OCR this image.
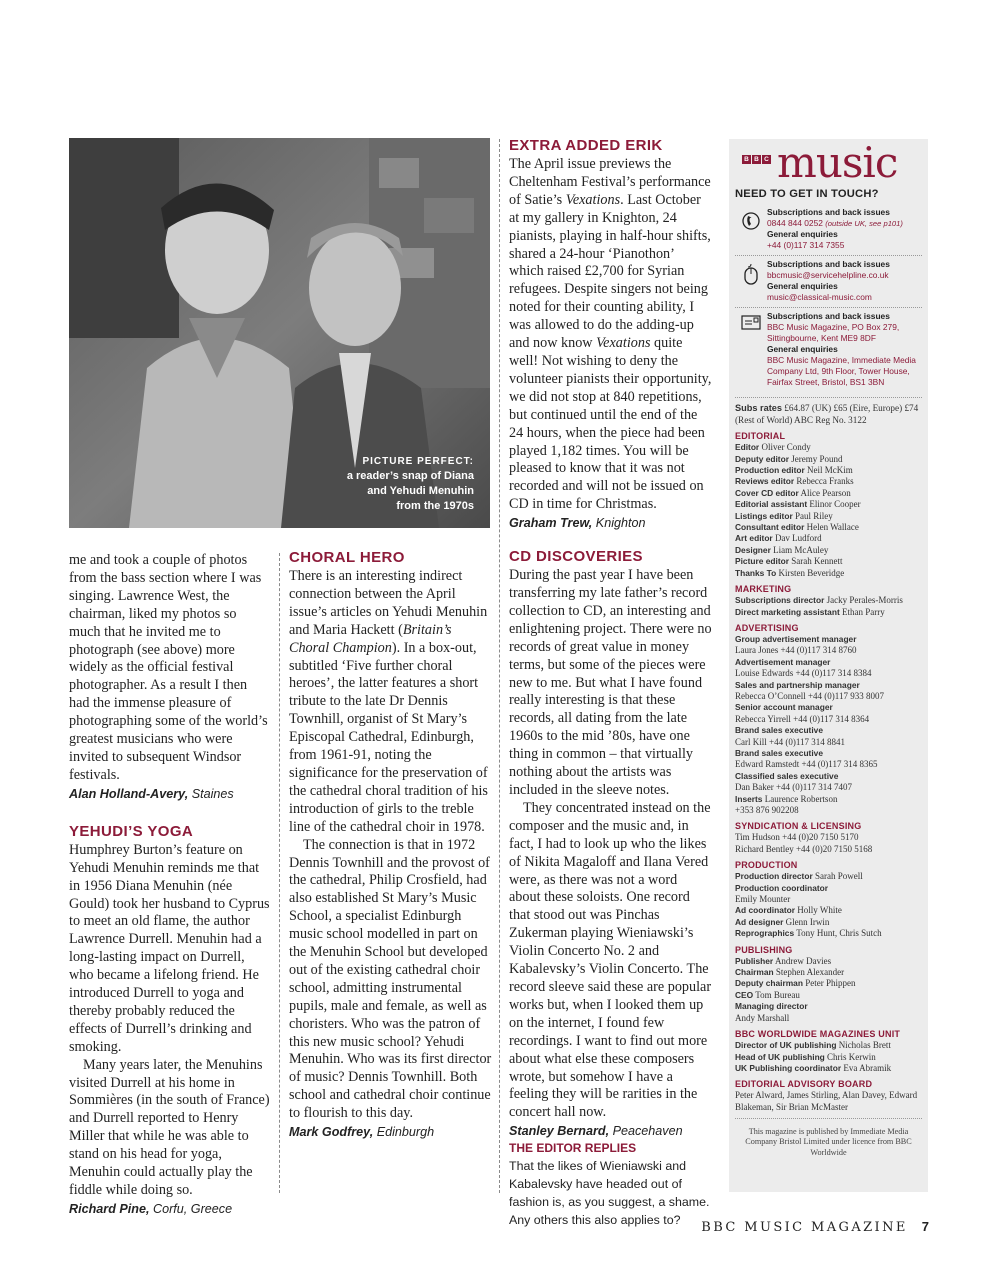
PICTURE PERFECT:
a reader’s snap of Diana
and Yehudi Menuhin
from the 1970s

me and took a couple of photos from the bass section where I was singing. Lawrence West, the chairman, liked my photos so much that he invited me to photograph (see above) more widely as the official festival photographer. As a result I then had the immense pleasure of photographing some of the world’s greatest musicians who were invited to subsequent Windsor festivals.

Alan Holland-Avery, Staines
YEHUDI’S YOGA

Humphrey Burton’s feature on Yehudi Menuhin reminds me that in 1956 Diana Menuhin (née Gould) took her husband to Cyprus to meet an old flame, the author Lawrence Durrell. Menuhin had a long-lasting impact on Durrell, who became a lifelong friend. He introduced Durrell to yoga and thereby probably reduced the effects of Durrell’s drinking and smoking.

Many years later, the Menuhins visited Durrell at his home in Sommières (in the south of France) and Durrell reported to Henry Miller that while he was able to stand on his head for yoga, Menuhin could actually play the fiddle while doing so.

Richard Pine, Corfu, Greece
CHORAL HERO

There is an interesting indirect connection between the April issue’s articles on Yehudi Menuhin and Maria Hackett (Britain’s Choral Champion). In a box-out, subtitled ‘Five further choral heroes’, the latter features a short tribute to the late Dr Dennis Townhill, organist of St Mary’s Episcopal Cathedral, Edinburgh, from 1961-91, noting the significance for the preservation of the cathedral choral tradition of his introduction of girls to the treble line of the cathedral choir in 1978.

The connection is that in 1972 Dennis Townhill and the provost of the cathedral, Philip Crosfield, had also established St Mary’s Music School, a specialist Edinburgh music school modelled in part on the Menuhin School but developed out of the existing cathedral choir school, admitting instrumental pupils, male and female, as well as choristers. Who was the patron of this new music school? Yehudi Menuhin. Who was its first director of music? Dennis Townhill. Both school and cathedral choir continue to flourish to this day.

Mark Godfrey, Edinburgh
EXTRA ADDED ERIK

The April issue previews the Cheltenham Festival’s performance of Satie’s Vexations. Last October at my gallery in Knighton, 24 pianists, playing in half-hour shifts, shared a 24-hour ‘Pianothon’ which raised £2,700 for Syrian refugees. Despite singers not being noted for their counting ability, I was allowed to do the adding-up and now know Vexations quite well! Not wishing to deny the volunteer pianists their opportunity, we did not stop at 840 repetitions, but continued until the end of the 24 hours, when the piece had been played 1,182 times. You will be pleased to know that it was not recorded and will not be issued on CD in time for Christmas.

Graham Trew, Knighton
CD DISCOVERIES

During the past year I have been transferring my late father’s record collection to CD, an interesting and enlightening project. There were no records of great value in money terms, but some of the pieces were new to me. But what I have found really interesting is that these records, all dating from the late 1960s to the mid ’80s, have one thing in common – that virtually nothing about the artists was included in the sleeve notes.

They concentrated instead on the composer and the music and, in fact, I had to look up who the likes of Nikita Magaloff and Ilana Vered were, as there was not a word about these soloists. One record that stood out was Pinchas Zukerman playing Wieniawski’s Violin Concerto No. 2 and Kabalevsky’s Violin Concerto. The record sleeve said these are popular works but, when I looked them up on the internet, I found few recordings. I want to find out more about what else these composers wrote, but somehow I have a feeling they will be rarities in the concert hall now.

Stanley Bernard, Peacehaven
THE EDITOR REPLIES
That the likes of Wieniawski and Kabalevsky have headed out of fashion is, as you suggest, a shame. Any others this also applies to?
B B C music
NEED TO GET IN TOUCH?
Subscriptions and back issues
0844 844 0252 (outside UK, see p101)
General enquiries
+44 (0)117 314 7355
Subscriptions and back issues
bbcmusic@servicehelpline.co.uk
General enquiries
music@classical-music.com
Subscriptions and back issues
BBC Music Magazine, PO Box 279, Sittingbourne, Kent ME9 8DF
General enquiries
BBC Music Magazine, Immediate Media Company Ltd, 9th Floor, Tower House, Fairfax Street, Bristol, BS1 3BN
Subs rates £64.87 (UK) £65 (Eire, Europe) £74 (Rest of World) ABC Reg No. 3122
EDITORIAL
Editor Oliver Condy
Deputy editor Jeremy Pound
Production editor Neil McKim
Reviews editor Rebecca Franks
Cover CD editor Alice Pearson
Editorial assistant Elinor Cooper
Listings editor Paul Riley
Consultant editor Helen Wallace
Art editor Dav Ludford
Designer Liam McAuley
Picture editor Sarah Kennett
Thanks To Kirsten Beveridge
MARKETING
Subscriptions director Jacky Perales-Morris
Direct marketing assistant Ethan Parry
ADVERTISING
Group advertisement manager
Laura Jones +44 (0)117 314 8760
Advertisement manager
Louise Edwards +44 (0)117 314 8384
Sales and partnership manager
Rebecca O’Connell +44 (0)117 933 8007
Senior account manager
Rebecca Yirrell +44 (0)117 314 8364
Brand sales executive
Carl Kill +44 (0)117 314 8841
Brand sales executive
Edward Ramstedt +44 (0)117 314 8365
Classified sales executive
Dan Baker +44 (0)117 314 7407
Inserts Laurence Robertson
+353 876 902208
SYNDICATION & LICENSING
Tim Hudson +44 (0)20 7150 5170
Richard Bentley +44 (0)20 7150 5168
PRODUCTION
Production director Sarah Powell
Production coordinator
Emily Mounter
Ad coordinator Holly White
Ad designer Glenn Irwin
Reprographics Tony Hunt, Chris Sutch
PUBLISHING
Publisher Andrew Davies
Chairman Stephen Alexander
Deputy chairman Peter Phippen
CEO Tom Bureau
Managing director
Andy Marshall
BBC WORLDWIDE MAGAZINES UNIT
Director of UK publishing Nicholas Brett
Head of UK publishing Chris Kerwin
UK Publishing coordinator Eva Abramik
EDITORIAL ADVISORY BOARD
Peter Alward, James Stirling, Alan Davey, Edward Blakeman, Sir Brian McMaster
This magazine is published by Immediate Media Company Bristol Limited under licence from BBC Worldwide
BBC MUSIC MAGAZINE 7
